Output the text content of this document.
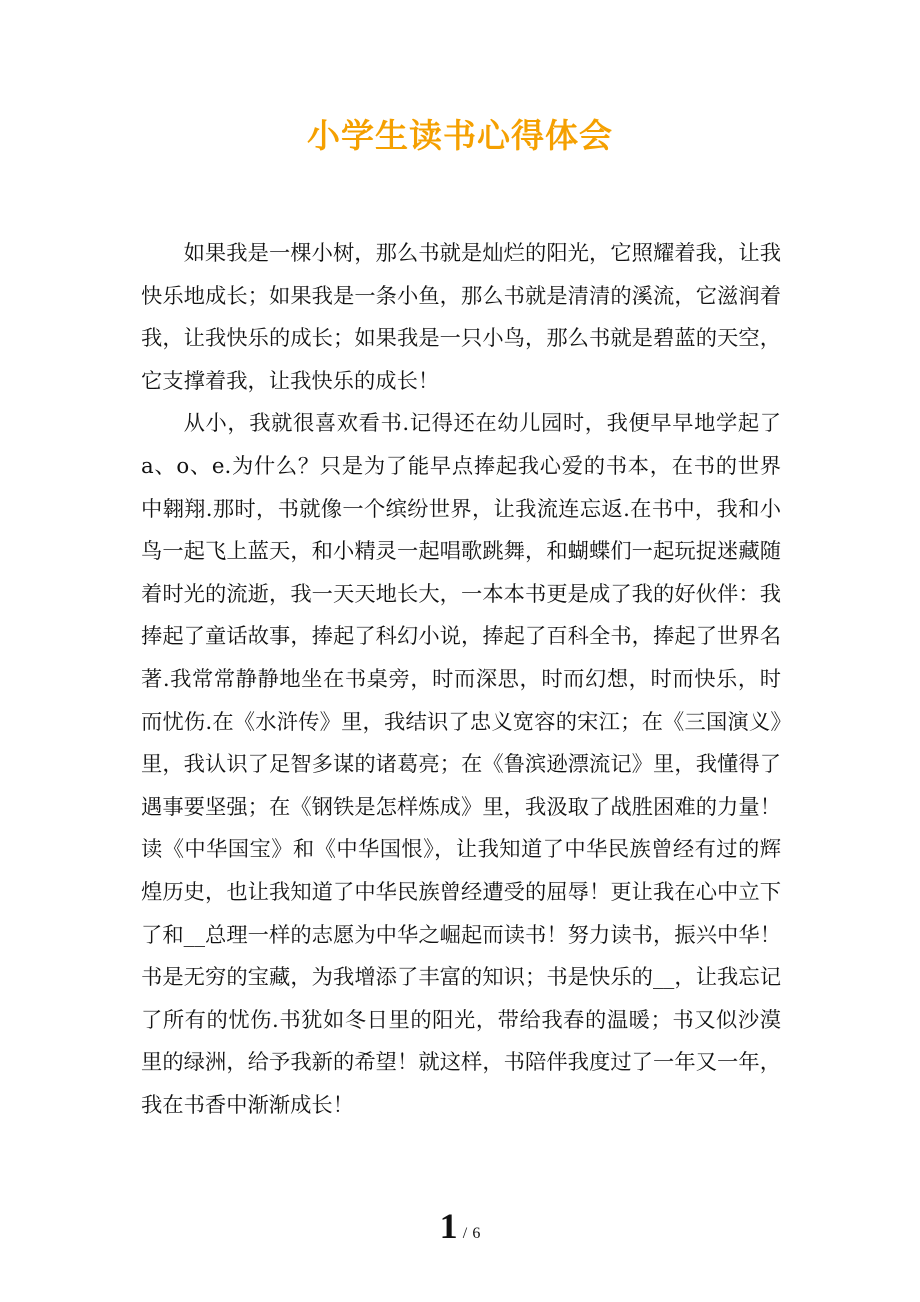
小学生读书心得体会

如果我是一棵小树，那么书就是灿烂的阳光，它照耀着我，让我快乐地成长；如果我是一条小鱼，那么书就是清清的溪流，它滋润着我，让我快乐的成长；如果我是一只小鸟，那么书就是碧蓝的天空，它支撑着我，让我快乐的成长！

从小，我就很喜欢看书.记得还在幼儿园时，我便早早地学起了a、o、e.为什么？只是为了能早点捧起我心爱的书本，在书的世界中翱翔.那时，书就像一个缤纷世界，让我流连忘返.在书中，我和小鸟一起飞上蓝天，和小精灵一起唱歌跳舞，和蝴蝶们一起玩捉迷藏随着时光的流逝，我一天天地长大，一本本书更是成了我的好伙伴：我捧起了童话故事，捧起了科幻小说，捧起了百科全书，捧起了世界名著.我常常静静地坐在书桌旁，时而深思，时而幻想，时而快乐，时而忧伤.在《水浒传》里，我结识了忠义宽容的宋江；在《三国演义》里，我认识了足智多谋的诸葛亮；在《鲁滨逊漂流记》里，我懂得了遇事要坚强；在《钢铁是怎样炼成》里，我汲取了战胜困难的力量！读《中华国宝》和《中华国恨》，让我知道了中华民族曾经有过的辉煌历史，也让我知道了中华民族曾经遭受的屈辱！更让我在心中立下了和__总理一样的志愿为中华之崛起而读书！努力读书，振兴中华！书是无穷的宝藏，为我增添了丰富的知识；书是快乐的__，让我忘记了所有的忧伤.书犹如冬日里的阳光，带给我春的温暖；书又似沙漠里的绿洲，给予我新的希望！就这样，书陪伴我度过了一年又一年，我在书香中渐渐成长！

1 / 6
